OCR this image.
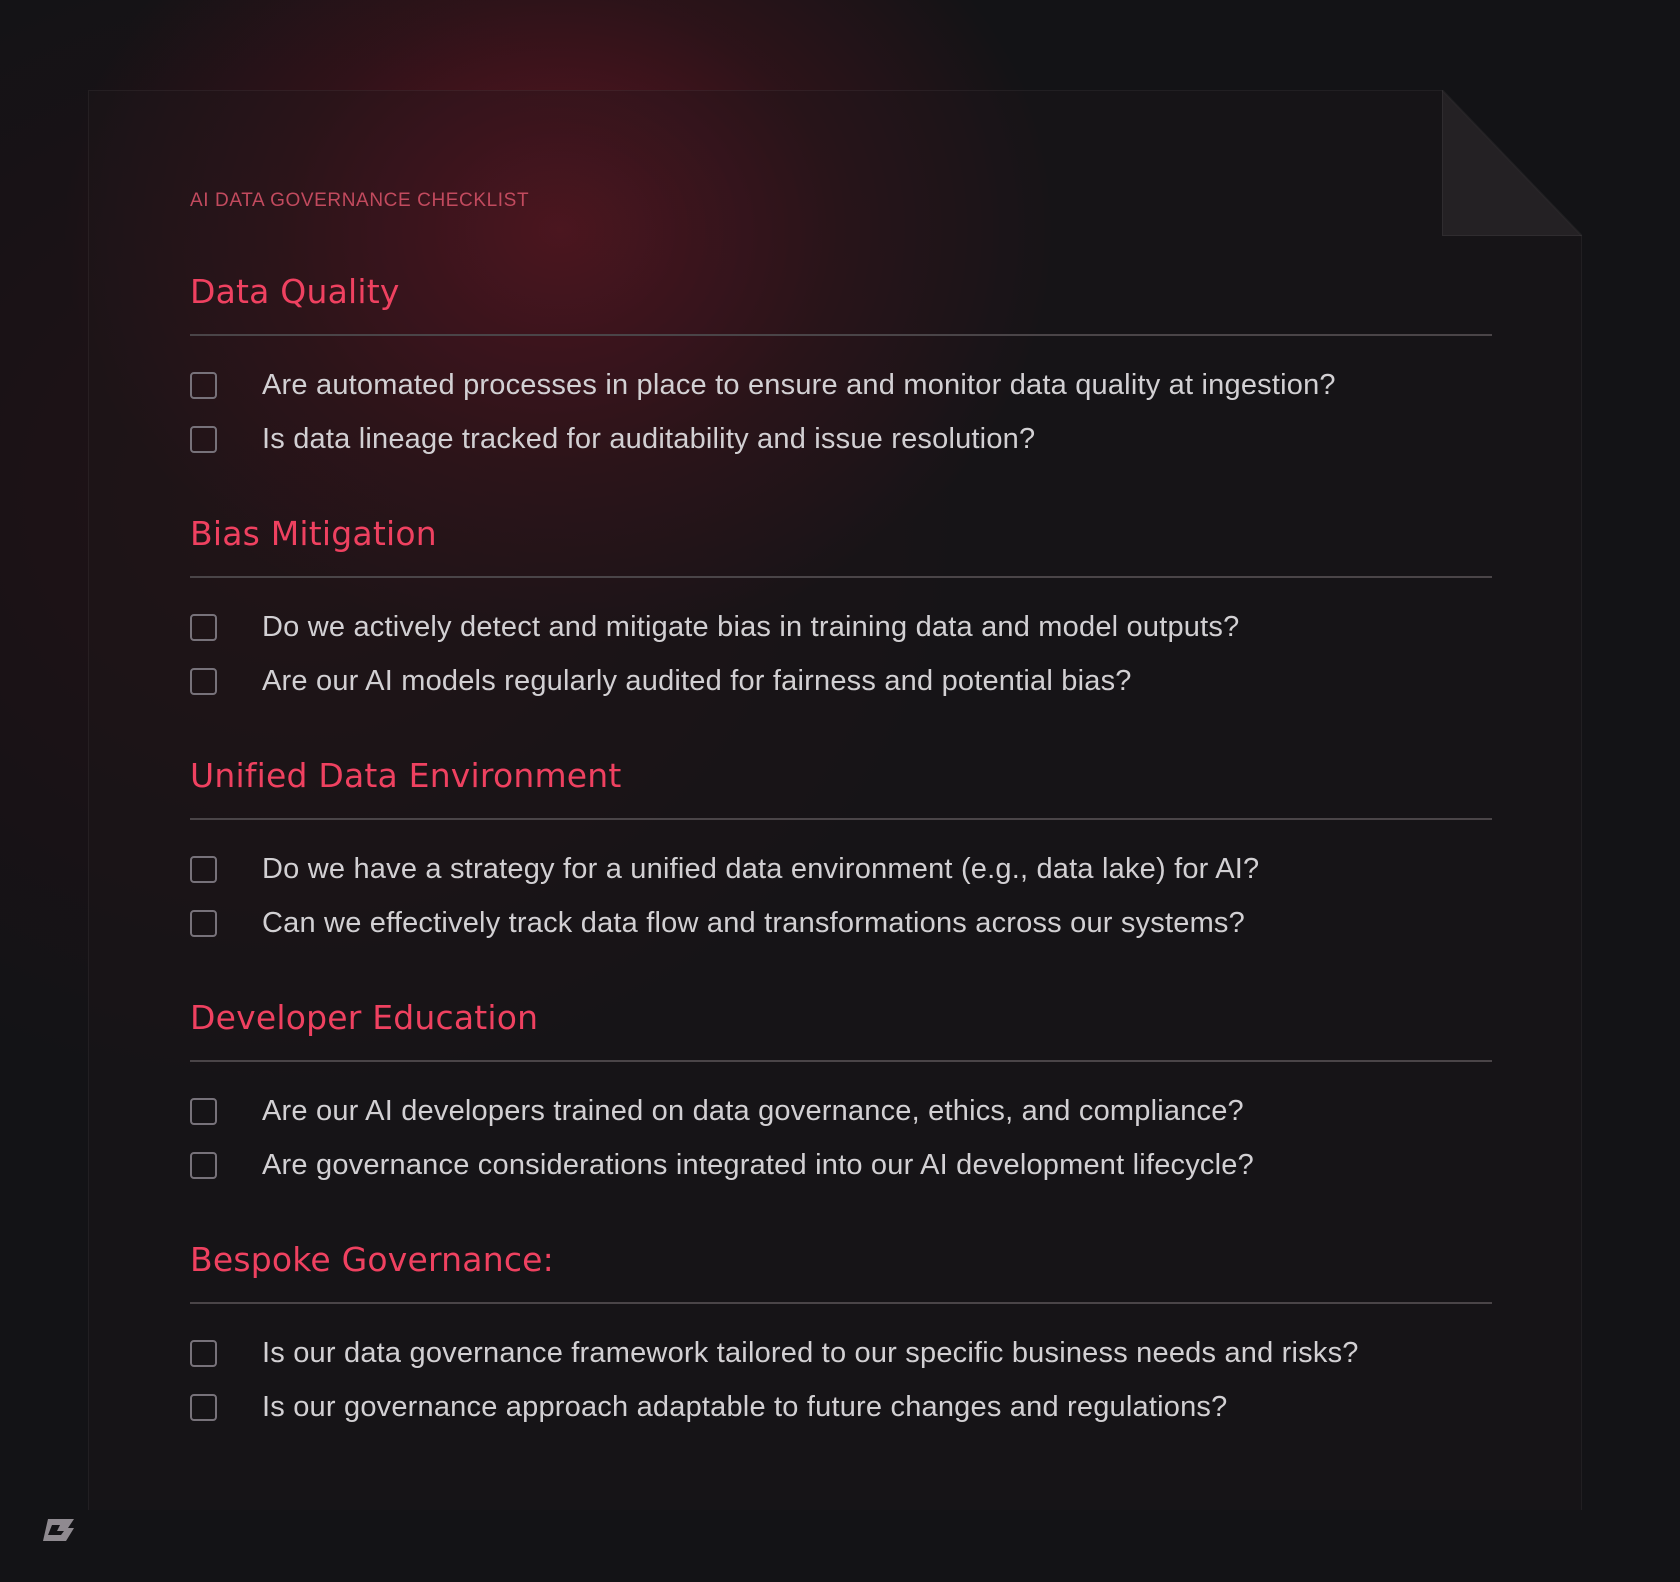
AI DATA GOVERNANCE CHECKLIST
Data Quality
Are automated processes in place to ensure and monitor data quality at ingestion?
Is data lineage tracked for auditability and issue resolution?
Bias Mitigation
Do we actively detect and mitigate bias in training data and model outputs?
Are our AI models regularly audited for fairness and potential bias?
Unified Data Environment
Do we have a strategy for a unified data environment (e.g., data lake) for AI?
Can we effectively track data flow and transformations across our systems?
Developer Education
Are our AI developers trained on data governance, ethics, and compliance?
Are governance considerations integrated into our AI development lifecycle?
Bespoke Governance:
Is our data governance framework tailored to our specific business needs and risks?
Is our governance approach adaptable to future changes and regulations?
